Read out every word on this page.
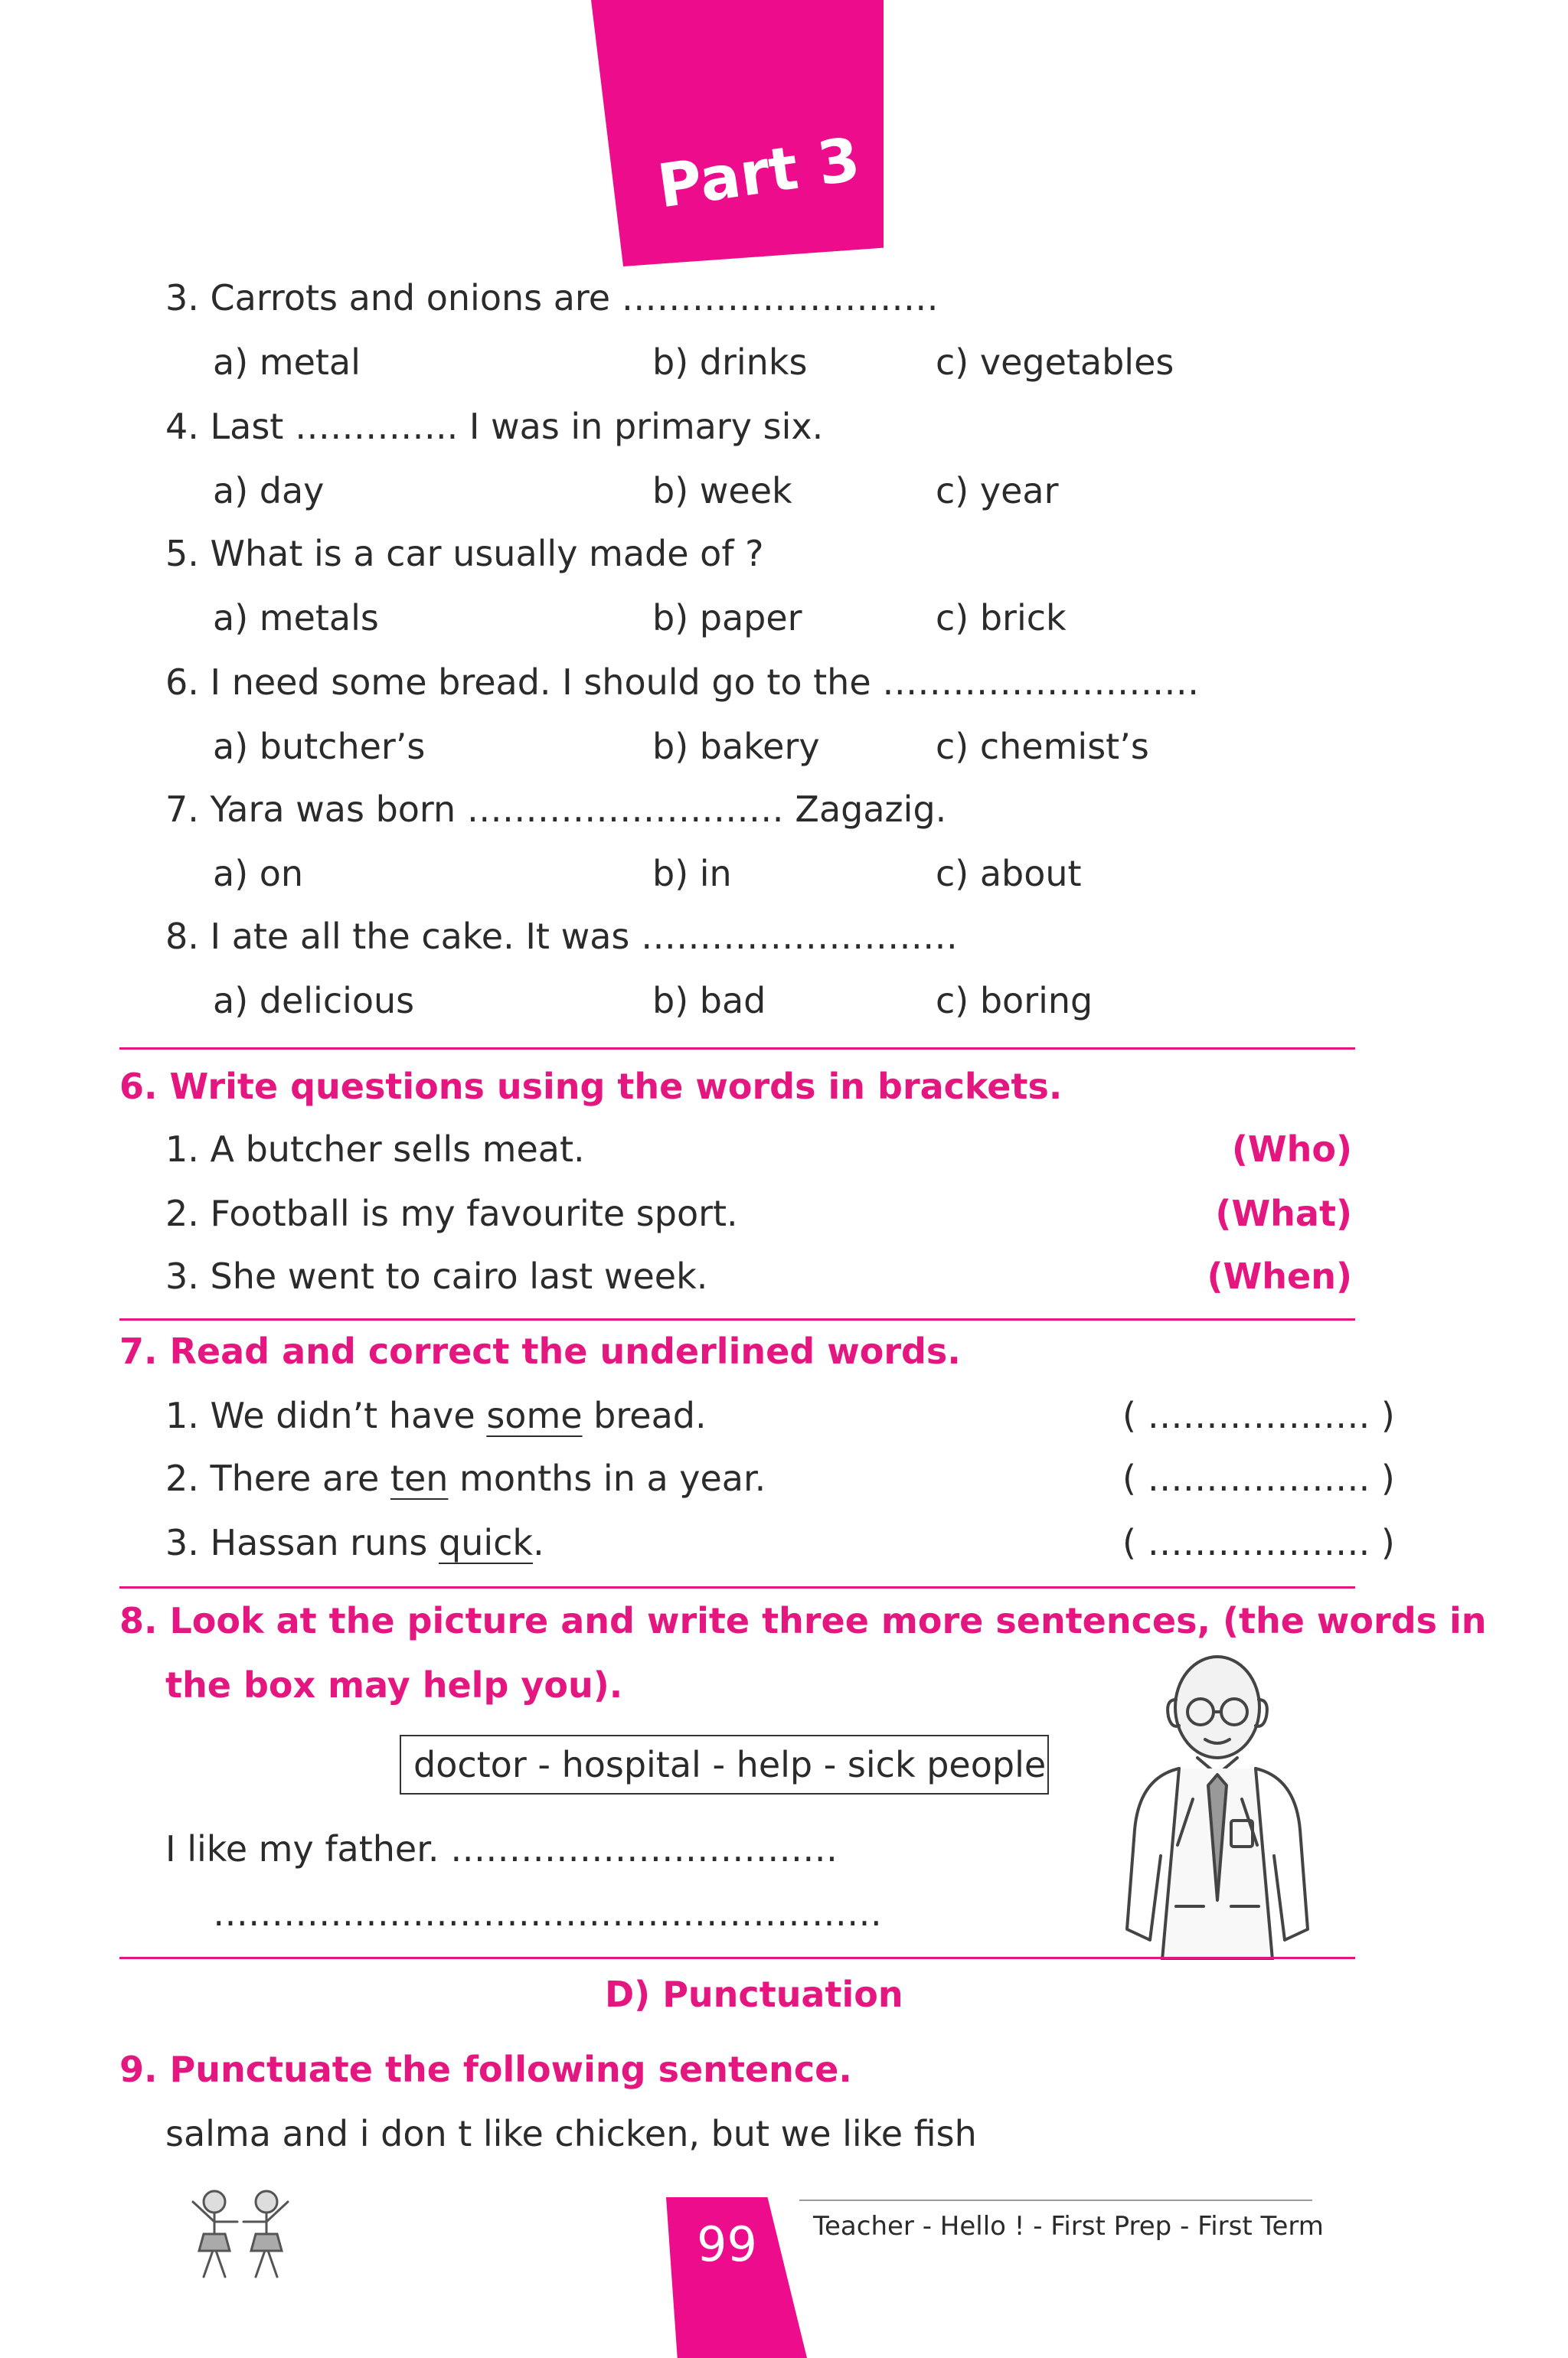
Part 3
3. Carrots and onions are ………………………
a) metal	b) drinks	c) vegetables
4. Last ………….. I was in primary six.
a) day	b) week	c) year
5. What is a car usually made of ?
a) metals	b) paper	c) brick
6. I need some bread. I should go to the ………………………
a) butcher’s	b) bakery	c) chemist’s
7. Yara was born ……………………… Zagazig.
a) on	b) in	c) about
8. I ate all the cake. It was ………………………
a) delicious	b) bad	c) boring
6. Write questions using the words in brackets.
1. A butcher sells meat.	(Who)
2. Football is my favourite sport.	(What)
3. She went to cairo last week.	(When)
7. Read and correct the underlined words.
1. We didn’t have some bread.	( ………………. )
2. There are ten months in a year.	( ………………. )
3. Hassan runs quick.	( ………………. )
8. Look at the picture and write three more sentences, (the words in
the box may help you).
doctor - hospital - help - sick people
I like my father. ……………………………
…………………………………………………
D) Punctuation
9. Punctuate the following sentence.
salma and i don t like chicken, but we like fish
99 Teacher - Hello ! - First Prep - First Term
